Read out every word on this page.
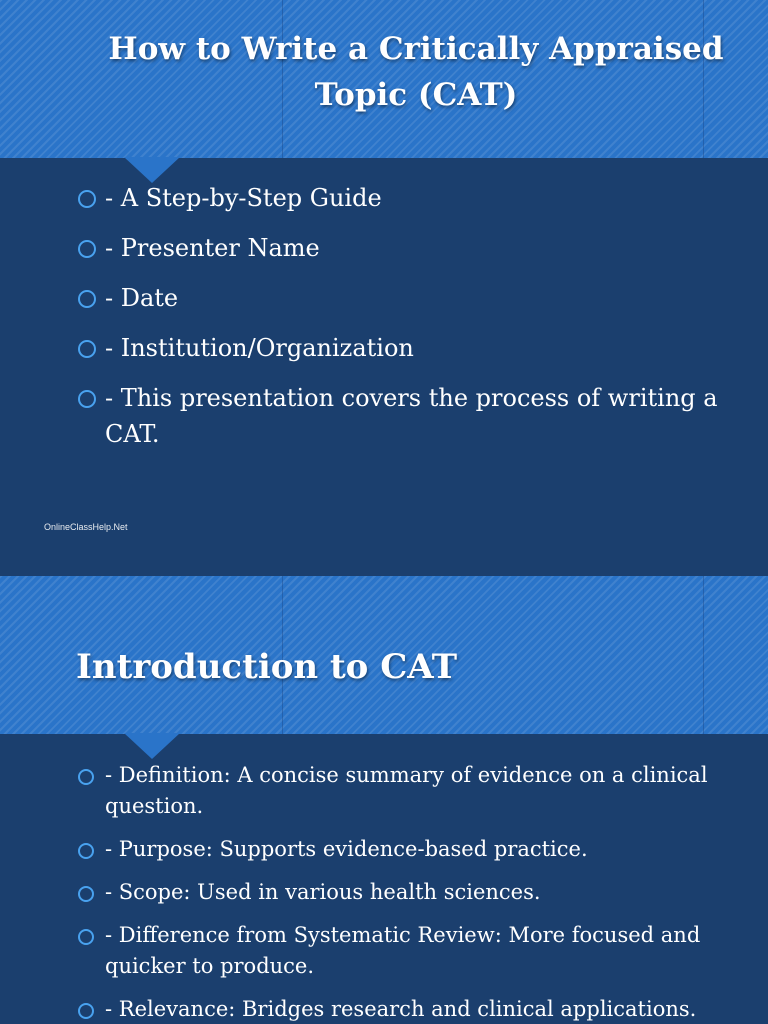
How to Write a Critically Appraised Topic (CAT)
- A Step-by-Step Guide
- Presenter Name
- Date
- Institution/Organization
- This presentation covers the process of writing a CAT.
OnlineClassHelp.Net
Introduction to CAT
- Definition: A concise summary of evidence on a clinical question.
- Purpose: Supports evidence-based practice.
- Scope: Used in various health sciences.
- Difference from Systematic Review: More focused and quicker to produce.
- Relevance: Bridges research and clinical applications.
